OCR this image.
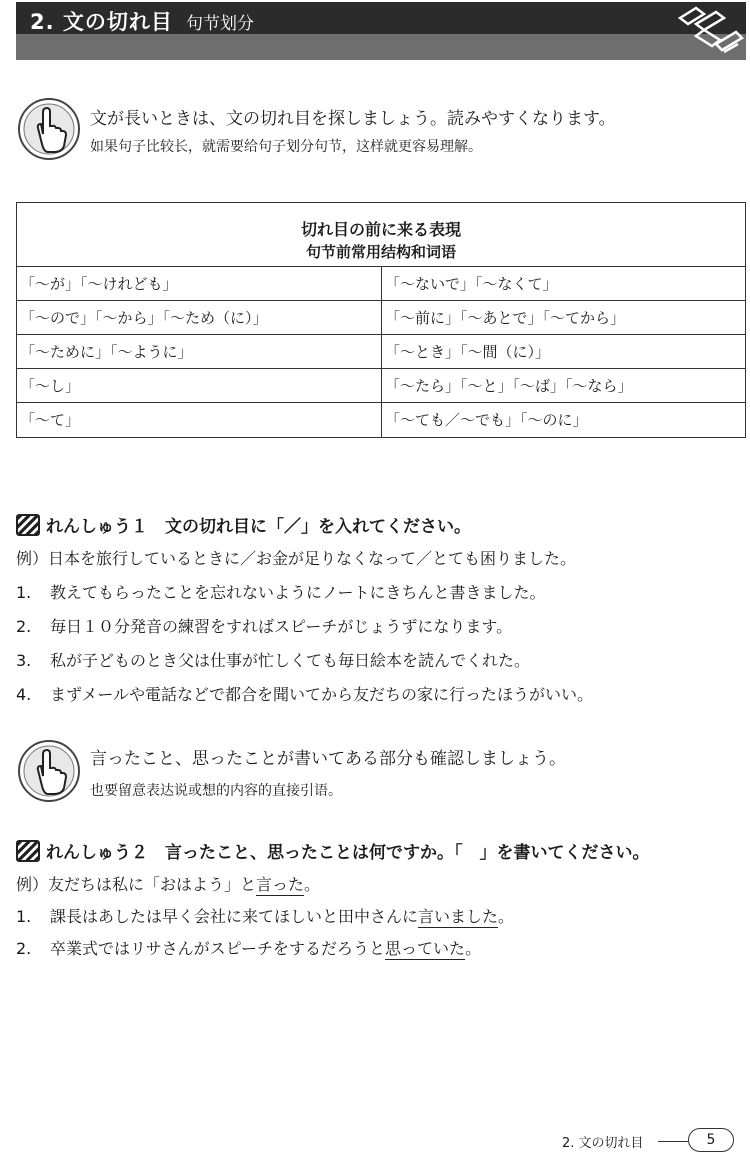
2. 文の切れ目 句节划分
文が長いときは、文の切れ目を探しましょう。読みやすくなります。
如果句子比较长，就需要给句子划分句节，这样就更容易理解。
切れ目の前に来る表現
句节前常用结构和词语
「～が」「～けれども」	「～ないで」「～なくて」
「～ので」「～から」「～ため（に）」	「～前に」「～あとで」「～てから」
「～ために」「～ように」	「～とき」「～間（に）」
「～し」	「～たら」「～と」「～ば」「～なら」
「～て」	「～ても／～でも」「～のに」
れんしゅう１　文の切れ目に「／」を入れてください。
例）日本を旅行しているときに／お金が足りなくなって／とても困りました。
1. 教えてもらったことを忘れないようにノートにきちんと書きました。
2. 毎日１０分発音の練習をすればスピーチがじょうずになります。
3. 私が子どものとき父は仕事が忙しくても毎日絵本を読んでくれた。
4. まずメールや電話などで都合を聞いてから友だちの家に行ったほうがいい。
言ったこと、思ったことが書いてある部分も確認しましょう。
也要留意表达说或想的内容的直接引语。
れんしゅう２　言ったこと、思ったことは何ですか。「　」を書いてください。
例）友だちは私に「おはよう」と言った。
1. 課長はあしたは早く会社に来てほしいと田中さんに言いました。
2. 卒業式ではリサさんがスピーチをするだろうと思っていた。
2. 文の切れ目	5
